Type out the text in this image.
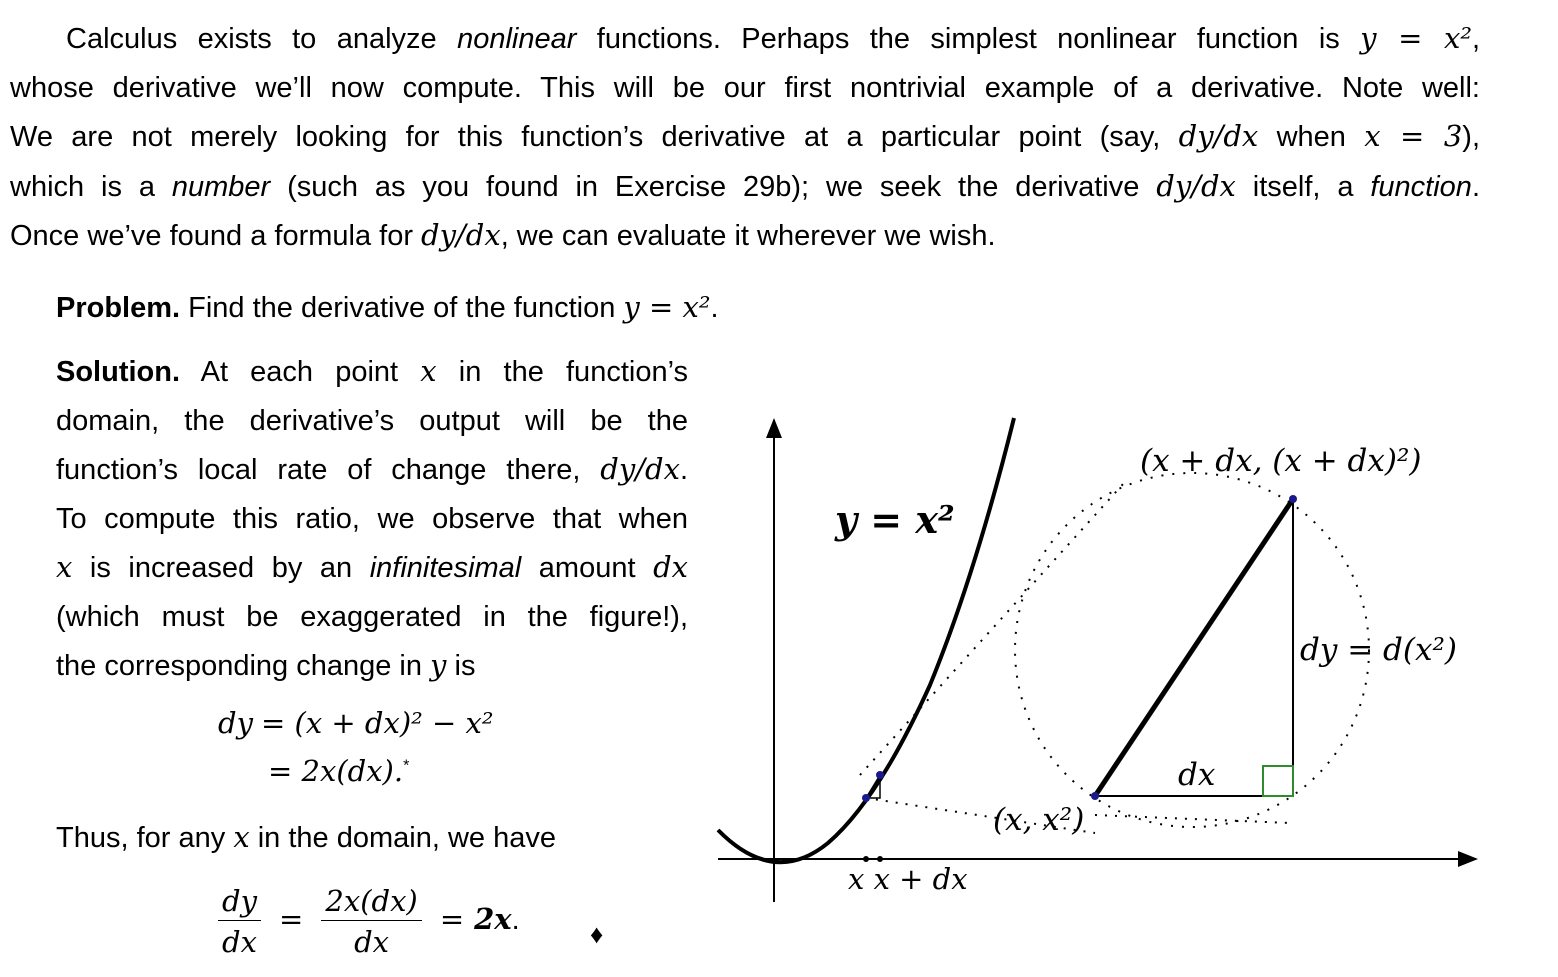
Calculus exists to analyze nonlinear functions. Perhaps the simplest nonlinear function is y = x²,
whose derivative we’ll now compute. This will be our first nontrivial example of a derivative. Note well:
We are not merely looking for this function’s derivative at a particular point (say, dy/dx when x = 3),
which is a number (such as you found in Exercise 29b); we seek the derivative dy/dx itself, a function.
Once we’ve found a formula for dy/dx, we can evaluate it wherever we wish.
Problem. Find the derivative of the function y = x².
Solution. At each point x in the function’s
domain, the derivative’s output will be the
function’s local rate of change there, dy/dx.
To compute this ratio, we observe that when
x is increased by an infinitesimal amount dx
(which must be exaggerated in the figure!),
the corresponding change in y is
dy = (x + dx)² − x²
= 2x(dx).*
Thus, for any x in the domain, we have
$\frac{dy}{dx} = \frac{2x(dx)}{dx} = 2x$.	♦
y = x²
(x + dx, (x + dx)²)
(x, x²)
dy = d(x²)
dx
x x + dx
